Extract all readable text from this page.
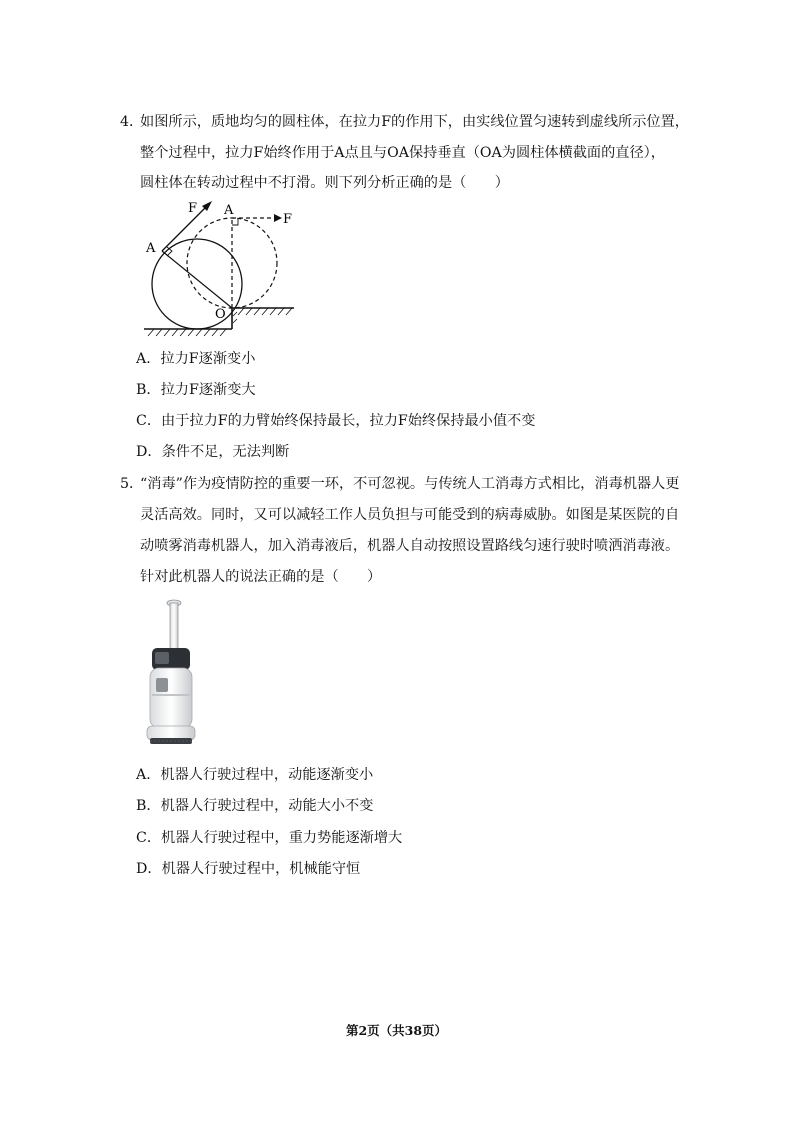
4．
如图所示，质地均匀的圆柱体，在拉力F的作用下，由实线位置匀速转到虚线所示位置，
整个过程中，拉力F始终作用于A点且与OA保持垂直（OA为圆柱体横截面的直径），
圆柱体在转动过程中不打滑。则下列分析正确的是（　　）
F A
F
A
O
A．拉力F逐渐变小
B．拉力F逐渐变大
C．由于拉力F的力臂始终保持最长，拉力F始终保持最小值不变
D．条件不足，无法判断
5．
“消毒”作为疫情防控的重要一环，不可忽视。与传统人工消毒方式相比，消毒机器人更
灵活高效。同时，又可以减轻工作人员负担与可能受到的病毒威胁。如图是某医院的自
动喷雾消毒机器人，加入消毒液后，机器人自动按照设置路线匀速行驶时喷洒消毒液。
针对此机器人的说法正确的是（　　）
A．机器人行驶过程中，动能逐渐变小
B．机器人行驶过程中，动能大小不变
C．机器人行驶过程中，重力势能逐渐增大
D．机器人行驶过程中，机械能守恒
第2页（共38页）
